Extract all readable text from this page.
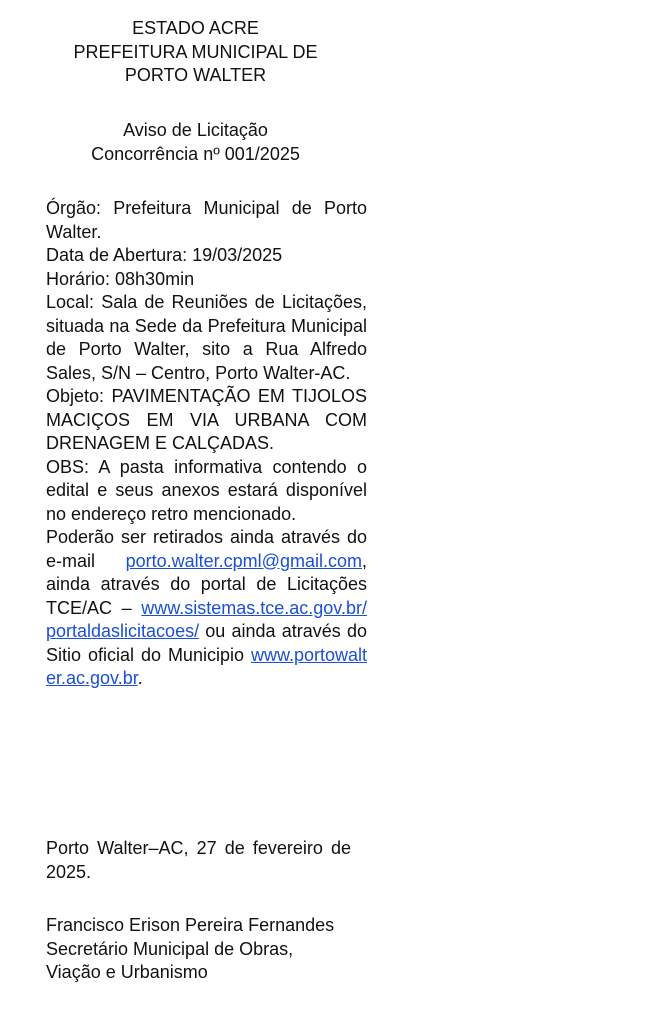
ESTADO ACRE
PREFEITURA MUNICIPAL DE
PORTO WALTER
Aviso de Licitação
Concorrência nº 001/2025

Órgão: Prefeitura Municipal de Porto Walter.

Data de Abertura: 19/03/2025

Horário: 08h30min

Local: Sala de Reuniões de Licitações, situada na Sede da Prefeitura Municipal de Porto Walter, sito a Rua Alfredo Sales, S/N – Centro, Porto Walter-AC.

Objeto: PAVIMENTAÇÃO EM TIJOLOS MACIÇOS EM VIA URBANA COM DRENAGEM E CALÇADAS.

OBS: A pasta informativa contendo o edital e seus anexos estará disponível no endereço retro mencionado.

Poderão ser retirados ainda através do e-mail porto.walter.cpml@gmail.com, ainda através do portal de Licitações TCE/AC – www.sistemas.tce.ac.gov.br/portaldaslicitacoes/ ou ainda através do Sitio oficial do Municipio www.portowalter.ac.gov.br.

Porto Walter–AC, 27 de fevereiro de 2025.
Francisco Erison Pereira Fernandes
Secretário Municipal de Obras,
Viação e Urbanismo
